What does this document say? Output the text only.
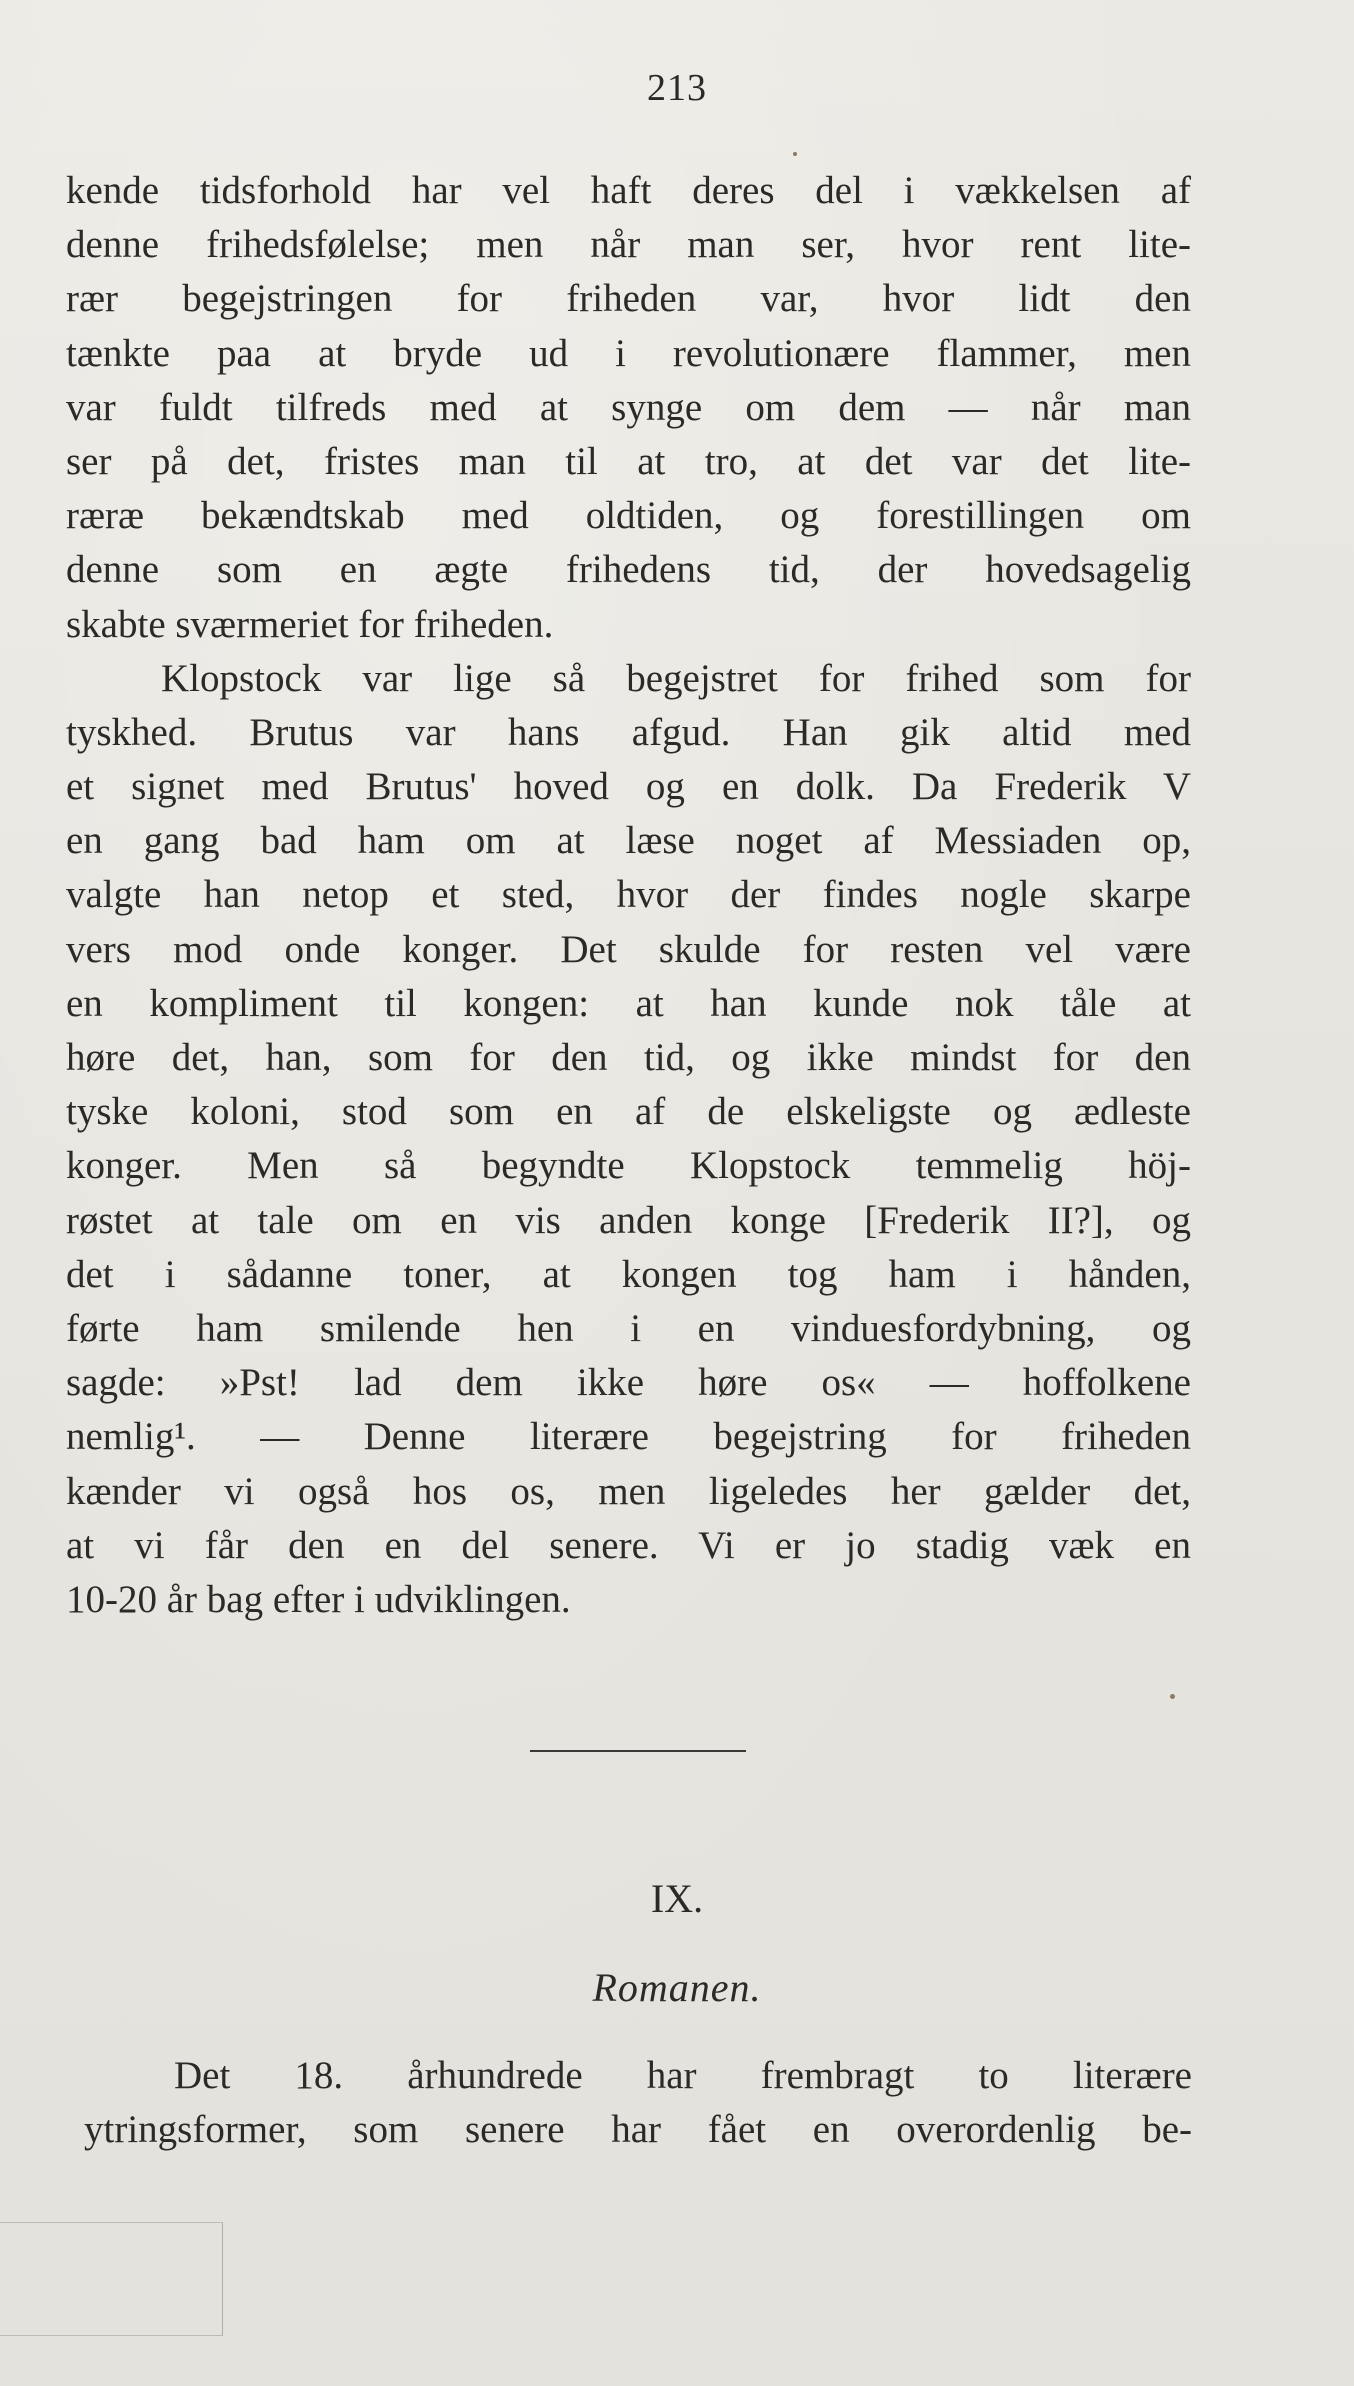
213
kende tidsforhold har vel haft deres del i vækkelsen af
denne frihedsfølelse; men når man ser, hvor rent lite-
rær begejstringen for friheden var, hvor lidt den
tænkte paa at bryde ud i revolutionære flammer, men
var fuldt tilfreds med at synge om dem — når man
ser på det, fristes man til at tro, at det var det lite-
ræræ bekændtskab med oldtiden, og forestillingen om
denne som en ægte frihedens tid, der hovedsagelig
skabte sværmeriet for friheden.
Klopstock var lige så begejstret for frihed som for
tyskhed. Brutus var hans afgud. Han gik altid med
et signet med Brutus' hoved og en dolk. Da Frederik V
en gang bad ham om at læse noget af Messiaden op,
valgte han netop et sted, hvor der findes nogle skarpe
vers mod onde konger. Det skulde for resten vel være
en kompliment til kongen: at han kunde nok tåle at
høre det, han, som for den tid, og ikke mindst for den
tyske koloni, stod som en af de elskeligste og ædleste
konger. Men så begyndte Klopstock temmelig höj-
røstet at tale om en vis anden konge [Frederik II?], og
det i sådanne toner, at kongen tog ham i hånden,
førte ham smilende hen i en vinduesfordybning, og
sagde: »Pst! lad dem ikke høre os« — hoffolkene
nemlig¹. — Denne literære begejstring for friheden
kænder vi også hos os, men ligeledes her gælder det,
at vi får den en del senere. Vi er jo stadig væk en
10-20 år bag efter i udviklingen.
IX.
Romanen.
Det 18. århundrede har frembragt to literære
ytringsformer, som senere har fået en overordenlig be-
